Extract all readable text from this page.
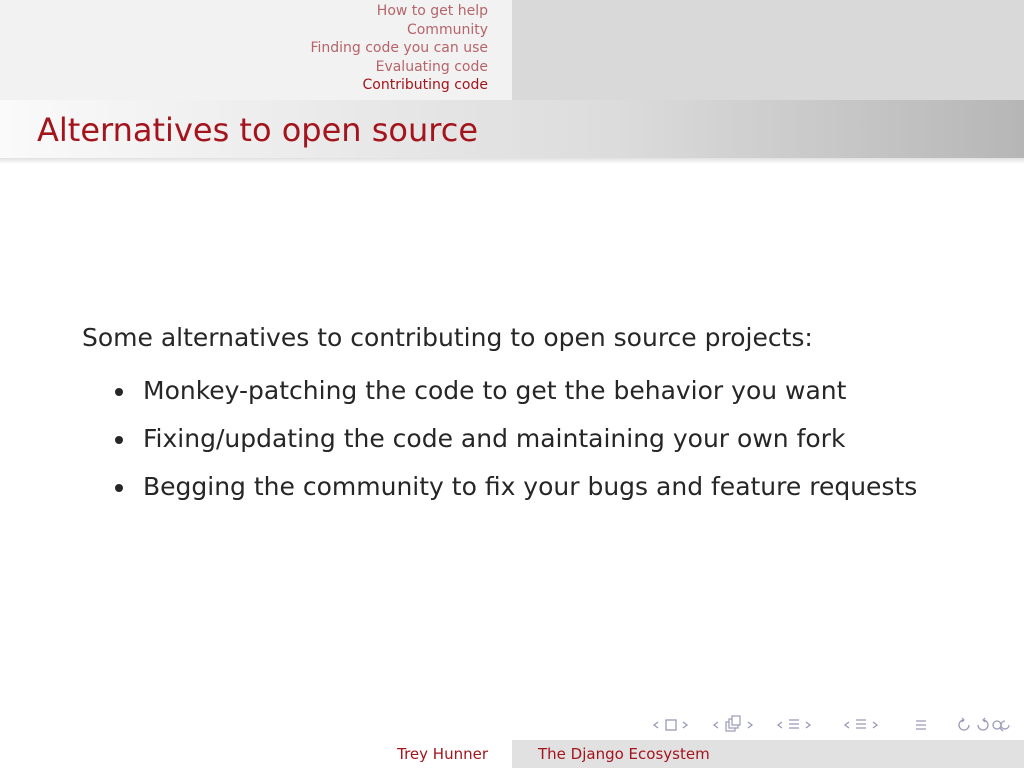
How to get help
Community
Finding code you can use
Evaluating code
Contributing code
Alternatives to open source

Some alternatives to contributing to open source projects:

Monkey-patching the code to get the behavior you want
Fixing/updating the code and maintaining your own fork
Begging the community to fix your bugs and feature requests
Trey Hunner	The Django Ecosystem
